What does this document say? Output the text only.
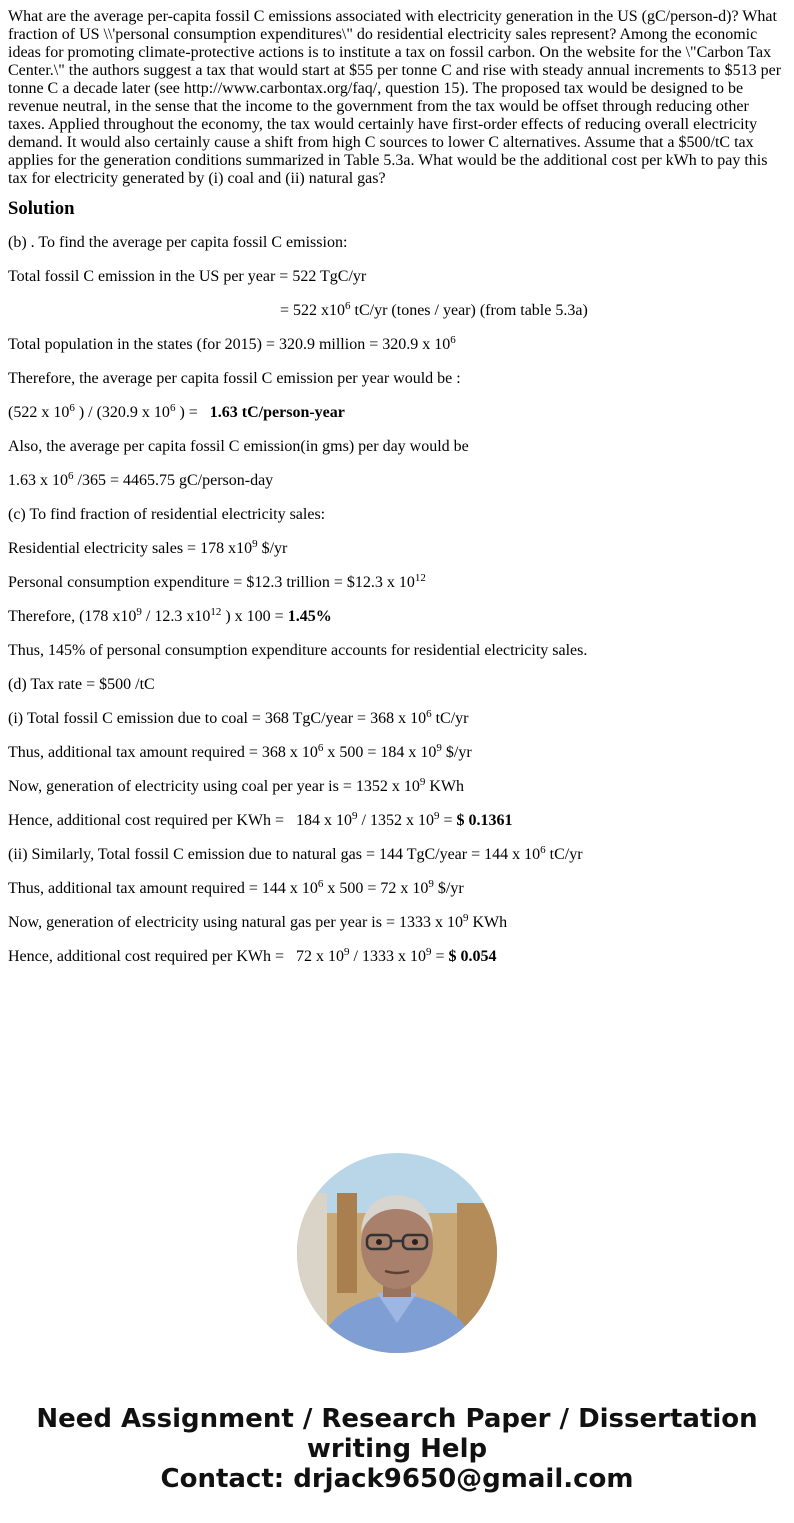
What are the average per-capita fossil C emissions associated with electricity generation in the US (gC/person-d)? What fraction of US \\'personal consumption expenditures\" do residential electricity sales represent? Among the economic ideas for promoting climate-protective actions is to institute a tax on fossil carbon. On the website for the \"Carbon Tax Center.\" the authors suggest a tax that would start at $55 per tonne C and rise with steady annual increments to $513 per tonne C a decade later (see http://www.carbontax.org/faq/, question 15). The proposed tax would be designed to be revenue neutral, in the sense that the income to the government from the tax would be offset through reducing other taxes. Applied throughout the economy, the tax would certainly have first-order effects of reducing overall electricity demand. It would also certainly cause a shift from high C sources to lower C alternatives. Assume that a $500/tC tax applies for the generation conditions summarized in Table 5.3a. What would be the additional cost per kWh to pay this tax for electricity generated by (i) coal and (ii) natural gas?

Solution
(b) . To find the average per capita fossil C emission:
Total fossil C emission in the US per year = 522 TgC/yr
= 522 $x10^6$ tC/yr (tones / year) (from table 5.3a)
Total population in the states (for 2015) = 320.9 million = 320.9 x $10^6$
Therefore, the average per capita fossil C emission per year would be :
(522 x $10^6$ ) / (320.9 x $10^6$ ) =   1.63 tC/person-year
Also, the average per capita fossil C emission(in gms) per day would be
1.63 x $10^6$ /365 = 4465.75 gC/person-day
(c) To find fraction of residential electricity sales:
Residential electricity sales = 178 $x10^9$ $/yr
Personal consumption expenditure = $12.3 trillion = $12.3 x $10^{12}$
Therefore, (178 $x10^9 / 12.3$ $x10^{12}$ ) x 100 = 1.45%
Thus, 145% of personal consumption expenditure accounts for residential electricity sales.
(d) Tax rate = $500 /tC
(i) Total fossil C emission due to coal = 368 TgC/year = 368 x $10^6$ tC/yr
Thus, additional tax amount required = 368 x $10^6$ x 500 = 184 x $10^9$ $/yr
Now, generation of electricity using coal per year is = 1352 x $10^9$ KWh
Hence, additional cost required per KWh =   184 x $10^9 / 1352$ x $10^9$ = $ 0.1361
(ii) Similarly, Total fossil C emission due to natural gas = 144 TgC/year = 144 x $10^6$ tC/yr
Thus, additional tax amount required = 144 x $10^6$ x 500 = 72 x $10^9$ $/yr
Now, generation of electricity using natural gas per year is = 1333 x $10^9$ KWh
Hence, additional cost required per KWh =   72 x $10^9 / 1333$ x $10^9$ = $ 0.054
Need Assignment / Research Paper / Dissertation
writing Help
Contact: drjack9650@gmail.com
